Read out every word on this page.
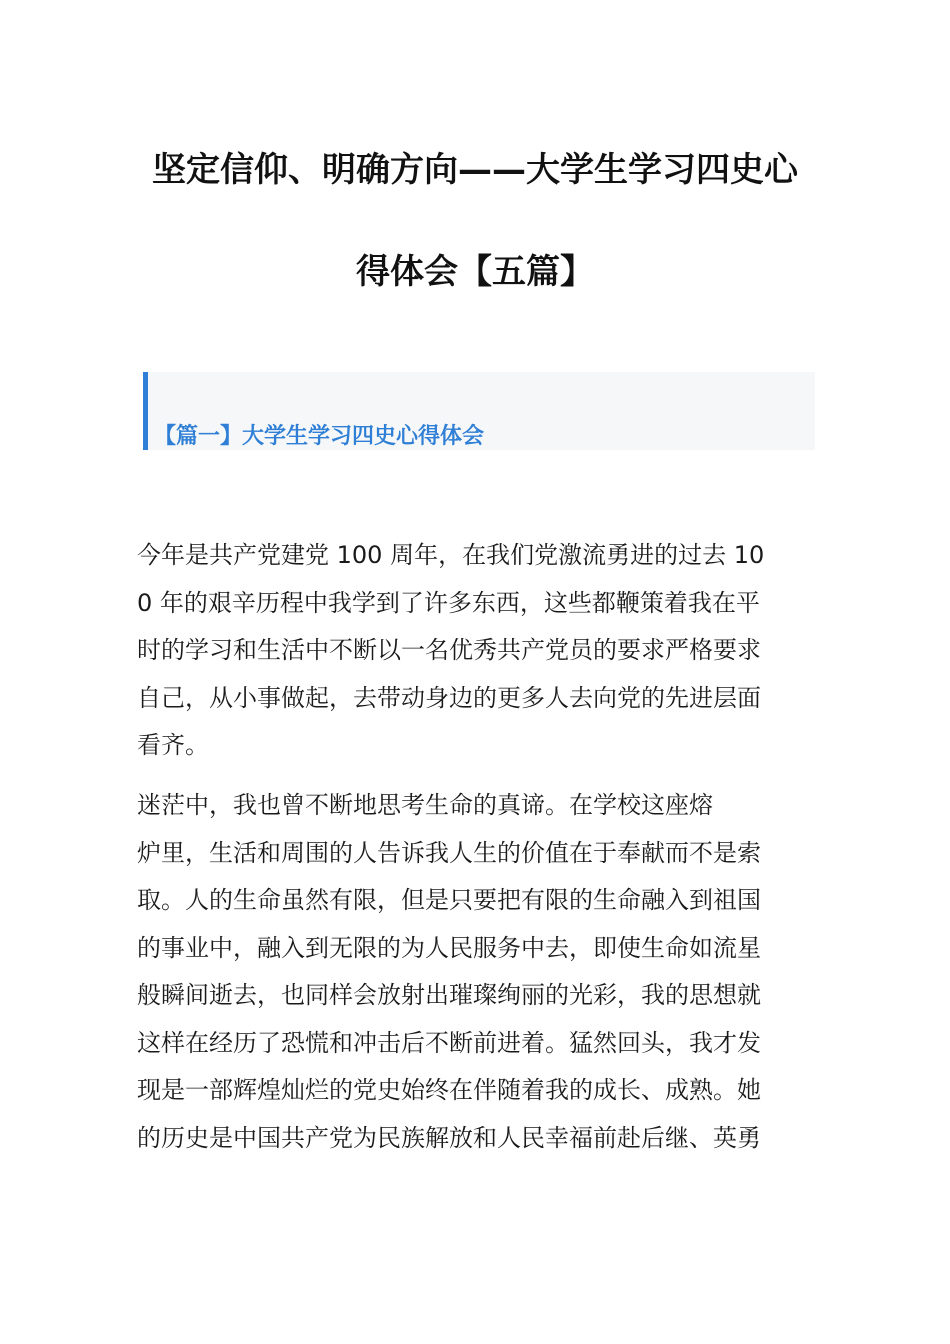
坚定信仰、明确方向——大学生学习四史心
得体会【五篇】
【篇一】大学生学习四史心得体会
今年是共产党建党 100 周年，在我们党激流勇进的过去 10
0 年的艰辛历程中我学到了许多东西，这些都鞭策着我在平
时的学习和生活中不断以一名优秀共产党员的要求严格要求
自己，从小事做起，去带动身边的更多人去向党的先进层面
看齐。
迷茫中，我也曾不断地思考生命的真谛。在学校这座熔
炉里，生活和周围的人告诉我人生的价值在于奉献而不是索
取。人的生命虽然有限，但是只要把有限的生命融入到祖国
的事业中，融入到无限的为人民服务中去，即使生命如流星
般瞬间逝去，也同样会放射出璀璨绚丽的光彩，我的思想就
这样在经历了恐慌和冲击后不断前进着。猛然回头，我才发
现是一部辉煌灿烂的党史始终在伴随着我的成长、成熟。她
的历史是中国共产党为民族解放和人民幸福前赴后继、英勇
